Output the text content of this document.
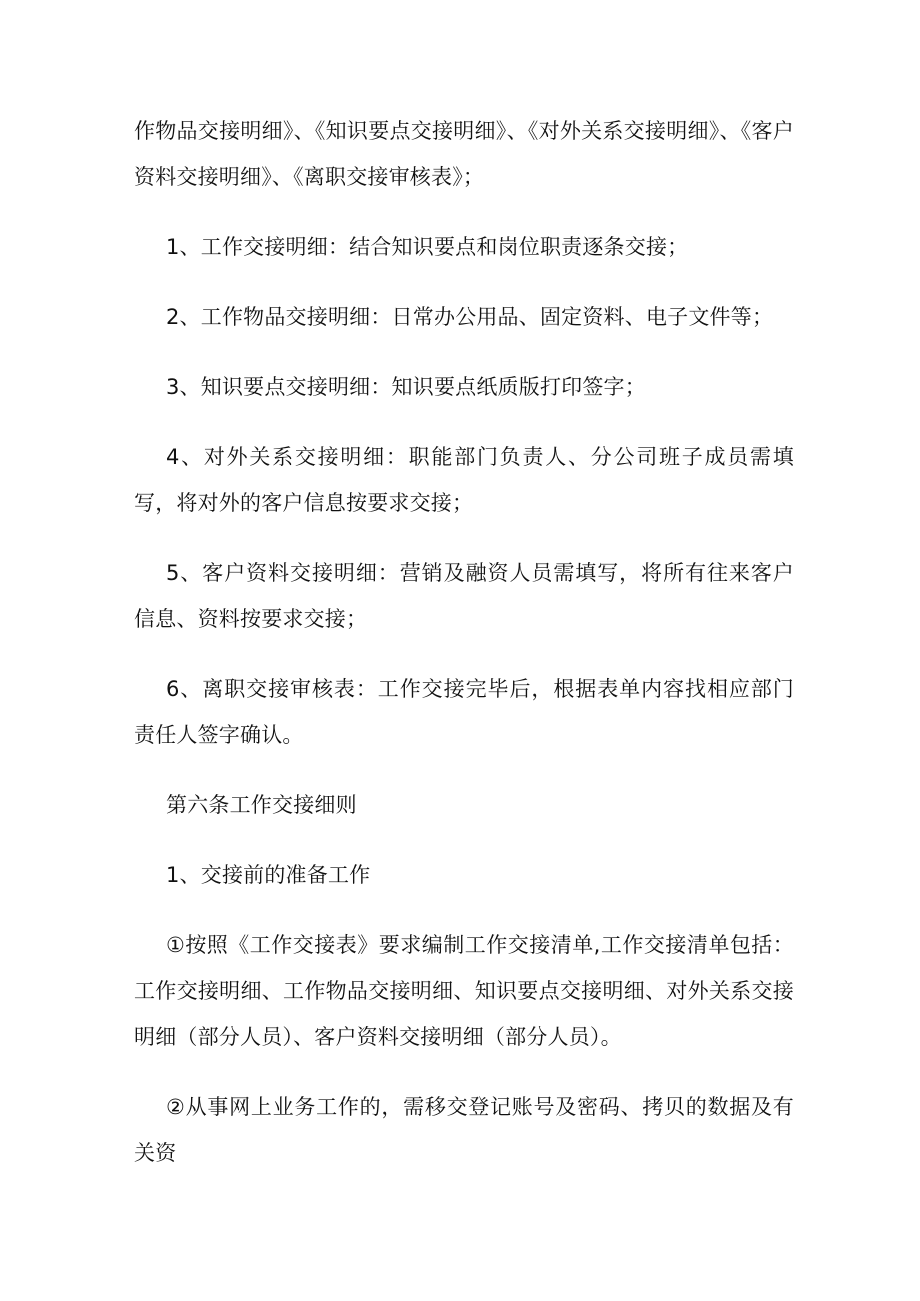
作物品交接明细》、《知识要点交接明细》、《对外关系交接明细》、《客户资料交接明细》、《离职交接审核表》；

1、工作交接明细：结合知识要点和岗位职责逐条交接；

2、工作物品交接明细：日常办公用品、固定资料、电子文件等；

3、知识要点交接明细：知识要点纸质版打印签字；

4、对外关系交接明细：职能部门负责人、分公司班子成员需填写，将对外的客户信息按要求交接；

5、客户资料交接明细：营销及融资人员需填写，将所有往来客户信息、资料按要求交接；

6、离职交接审核表：工作交接完毕后，根据表单内容找相应部门责任人签字确认。

第六条工作交接细则

1、交接前的准备工作

①按照《工作交接表》要求编制工作交接清单,工作交接清单包括：工作交接明细、工作物品交接明细、知识要点交接明细、对外关系交接明细（部分人员）、客户资料交接明细（部分人员）。

②从事网上业务工作的，需移交登记账号及密码、拷贝的数据及有关资
